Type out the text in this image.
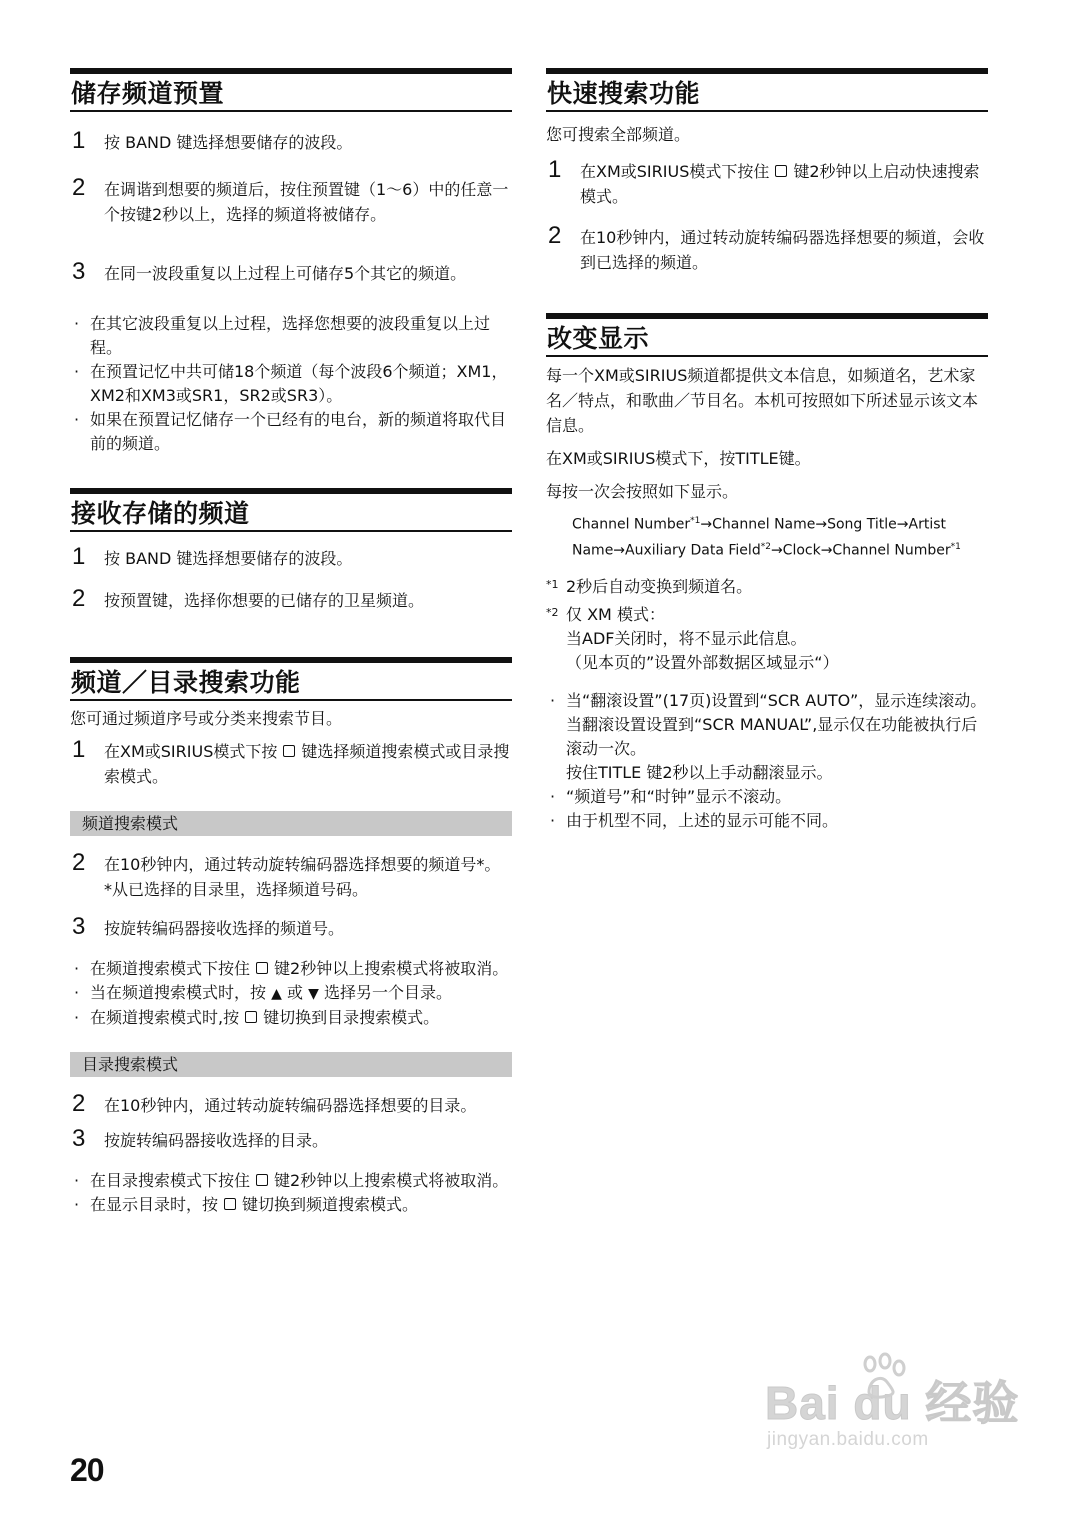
储存频道预置
1 按 BAND 键选择想要储存的波段。
2 在调谐到想要的频道后，按住预置键（1～6）中的任意一个按键2秒以上，选择的频道将被储存。
3 在同一波段重复以上过程上可储存5个其它的频道。
· 在其它波段重复以上过程，选择您想要的波段重复以上过程。
· 在预置记忆中共可储18个频道（每个波段6个频道；XM1，XM2和XM3或SR1，SR2或SR3）。
· 如果在预置记忆储存一个已经有的电台，新的频道将取代目前的频道。
接收存储的频道
1 按 BAND 键选择想要储存的波段。
2 按预置键，选择你想要的已储存的卫星频道。
频道／目录搜索功能
您可通过频道序号或分类来搜索节目。
1 在XM或SIRIUS模式下按 键选择频道搜索模式或目录搜索模式。
频道搜索模式
2 在10秒钟内，通过转动旋转编码器选择想要的频道号*。
*从已选择的目录里，选择频道号码。
3 按旋转编码器接收选择的频道号。
· 在频道搜索模式下按住 键2秒钟以上搜索模式将被取消。
· 当在频道搜索模式时，按 ▲ 或 ▼ 选择另一个目录。
· 在频道搜索模式时,按 键切换到目录搜索模式。
目录搜索模式
2 在10秒钟内，通过转动旋转编码器选择想要的目录。
3 按旋转编码器接收选择的目录。
· 在目录搜索模式下按住 键2秒钟以上搜索模式将被取消。
· 在显示目录时，按 键切换到频道搜索模式。
快速搜索功能
您可搜索全部频道。
1 在XM或SIRIUS模式下按住 键2秒钟以上启动快速搜索模式。
2 在10秒钟内，通过转动旋转编码器选择想要的频道，会收到已选择的频道。
改变显示
每一个XM或SIRIUS频道都提供文本信息，如频道名，艺术家名／特点，和歌曲／节目名。本机可按照如下所述显示该文本信息。
在XM或SIRIUS模式下，按TITLE键。
每按一次会按照如下显示。
Channel Number$^{*1}$→Channel Name→Song Title→Artist
Name→Auxiliary Data Field$^{*2}$→Clock→Channel Number$^{*1}$
*1 2秒后自动变换到频道名。
*2 仅 XM 模式：
当ADF关闭时，将不显示此信息。
（见本页的”设置外部数据区域显示“）
· 当“翻滚设置”(17页)设置到“SCR AUTO”，显示连续滚动。
当翻滚设置设置到“SCR MANUAL”,显示仅在功能被执行后滚动一次。
按住TITLE 键2秒以上手动翻滚显示。
· “频道号”和“时钟”显示不滚动。
· 由于机型不同，上述的显示可能不同。
20
Bai du 经验
jingyan.baidu.com
